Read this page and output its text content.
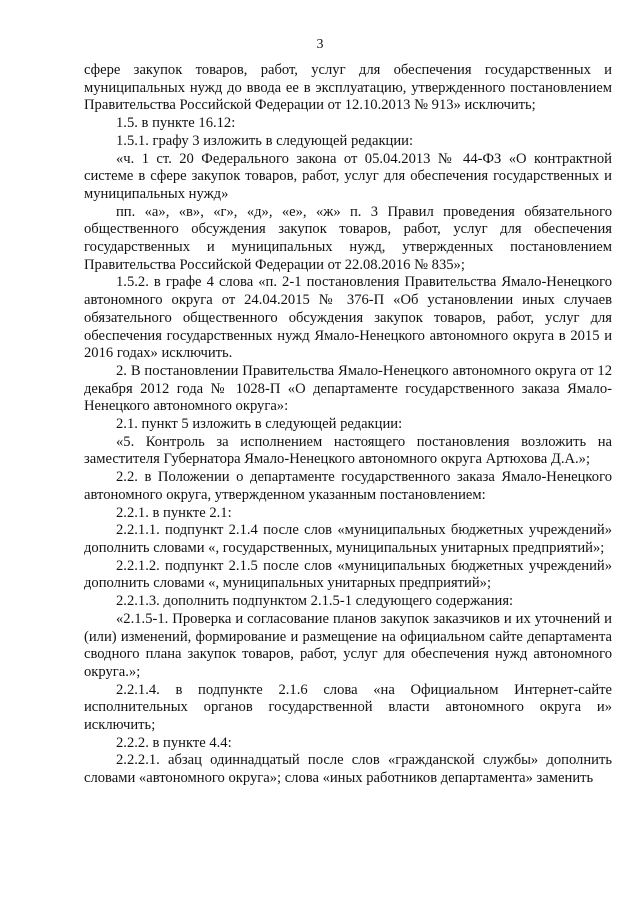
3

сфере закупок товаров, работ, услуг для обеспечения государственных и муниципальных нужд до ввода ее в эксплуатацию, утвержденного постановлением Правительства Российской Федерации от 12.10.2013 № 913» исключить;

1.5. в пункте 16.12:

1.5.1. графу 3 изложить в следующей редакции:

«ч. 1 ст. 20 Федерального закона от 05.04.2013 № 44-ФЗ «О контрактной системе в сфере закупок товаров, работ, услуг для обеспечения государственных и муниципальных нужд»

пп. «а», «в», «г», «д», «е», «ж» п. 3 Правил проведения обязательного общественного обсуждения закупок товаров, работ, услуг для обеспечения государственных и муниципальных нужд, утвержденных постановлением Правительства Российской Федерации от 22.08.2016 № 835»;

1.5.2. в графе 4 слова «п. 2-1 постановления Правительства Ямало-Ненецкого автономного округа от 24.04.2015 № 376-П «Об установлении иных случаев обязательного общественного обсуждения закупок товаров, работ, услуг для обеспечения государственных нужд Ямало-Ненецкого автономного округа в 2015 и 2016 годах» исключить.

2. В постановлении Правительства Ямало-Ненецкого автономного округа от 12 декабря 2012 года № 1028-П «О департаменте государственного заказа Ямало-Ненецкого автономного округа»:

2.1. пункт 5 изложить в следующей редакции:

«5. Контроль за исполнением настоящего постановления возложить на заместителя Губернатора Ямало-Ненецкого автономного округа Артюхова Д.А.»;

2.2. в Положении о департаменте государственного заказа Ямало-Ненецкого автономного округа, утвержденном указанным постановлением:

2.2.1. в пункте 2.1:

2.2.1.1. подпункт 2.1.4 после слов «муниципальных бюджетных учреждений» дополнить словами «, государственных, муниципальных унитарных предприятий»;

2.2.1.2. подпункт 2.1.5 после слов «муниципальных бюджетных учреждений» дополнить словами «, муниципальных унитарных предприятий»;

2.2.1.3. дополнить подпунктом 2.1.5-1 следующего содержания:

«2.1.5-1. Проверка и согласование планов закупок заказчиков и их уточнений и (или) изменений, формирование и размещение на официальном сайте департамента сводного плана закупок товаров, работ, услуг для обеспечения нужд автономного округа.»;

2.2.1.4. в подпункте 2.1.6 слова «на Официальном Интернет-сайте исполнительных органов государственной власти автономного округа и» исключить;

2.2.2. в пункте 4.4:

2.2.2.1. абзац одиннадцатый после слов «гражданской службы» дополнить словами «автономного округа»; слова «иных работников департамента» заменить
